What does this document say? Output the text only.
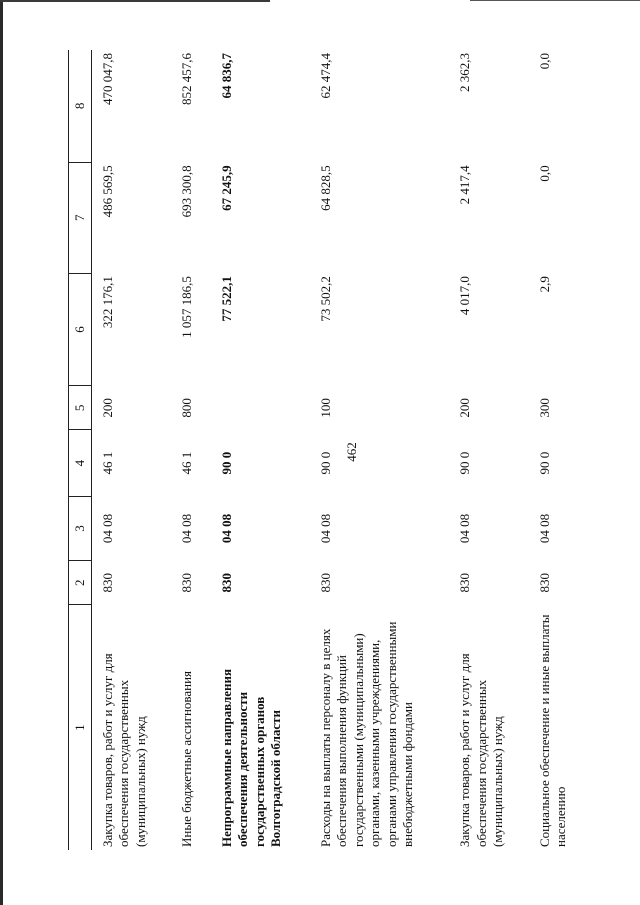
462
1	2	3	4	5	6	7	8
Закупка товаров, работ и услуг для обеспечения государственных (муниципальных) нужд	830	04 08	46 1	200	322 176,1	486 569,5	470 047,8
Иные бюджетные ассигнования	830	04 08	46 1	800	1 057 186,5	693 300,8	852 457,6
Непрограммные направления обеспечения деятельности государственных органов Волгоградской области	830	04 08	90 0		77 522,1	67 245,9	64 836,7
Расходы на выплаты персоналу в целях обеспечения выполнения функций государственными (муниципальными) органами, казенными учреждениями, органами управления государственными внебюджетными фондами	830	04 08	90 0	100	73 502,2	64 828,5	62 474,4
Закупка товаров, работ и услуг для обеспечения государственных (муниципальных) нужд	830	04 08	90 0	200	4 017,0	2 417,4	2 362,3
Социальное обеспечение и иные выплаты населению	830	04 08	90 0	300	2,9	0,0	0,0
